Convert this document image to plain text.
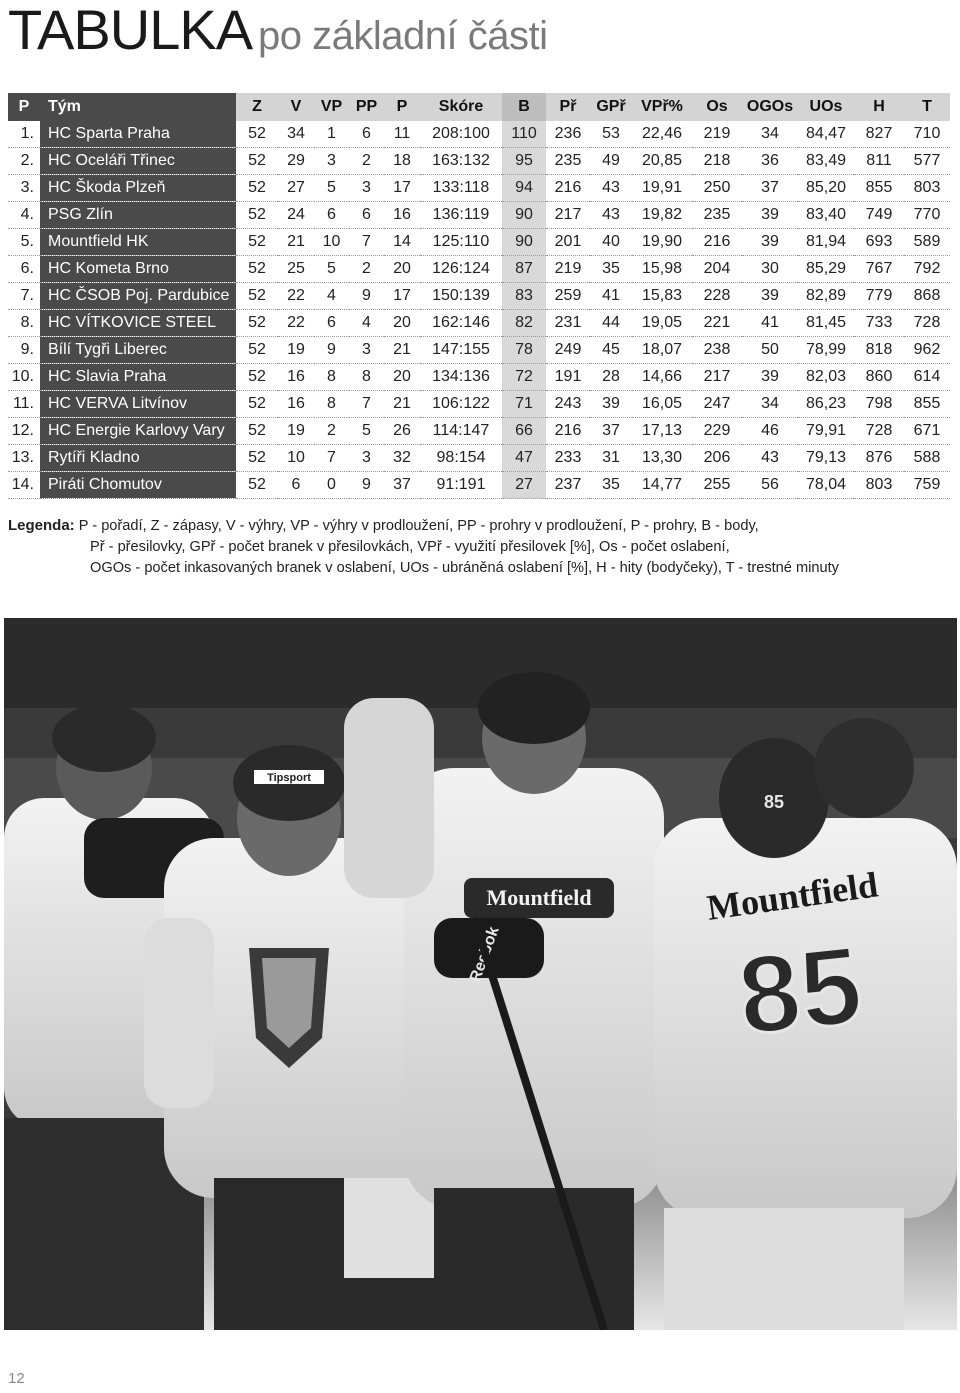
TABULKA po základní části
P	Tým	Z	V	VP	PP	P	Skóre	B	Př	GPř	VPř%	Os	OGOs	UOs	H	T
1.	HC Sparta Praha	52	34	1	6	11	208:100	110	236	53	22,46	219	34	84,47	827	710
2.	HC Oceláři Třinec	52	29	3	2	18	163:132	95	235	49	20,85	218	36	83,49	811	577
3.	HC Škoda Plzeň	52	27	5	3	17	133:118	94	216	43	19,91	250	37	85,20	855	803
4.	PSG Zlín	52	24	6	6	16	136:119	90	217	43	19,82	235	39	83,40	749	770
5.	Mountfield HK	52	21	10	7	14	125:110	90	201	40	19,90	216	39	81,94	693	589
6.	HC Kometa Brno	52	25	5	2	20	126:124	87	219	35	15,98	204	30	85,29	767	792
7.	HC ČSOB Poj. Pardubice	52	22	4	9	17	150:139	83	259	41	15,83	228	39	82,89	779	868
8.	HC VÍTKOVICE STEEL	52	22	6	4	20	162:146	82	231	44	19,05	221	41	81,45	733	728
9.	Bílí Tygři Liberec	52	19	9	3	21	147:155	78	249	45	18,07	238	50	78,99	818	962
10.	HC Slavia Praha	52	16	8	8	20	134:136	72	191	28	14,66	217	39	82,03	860	614
11.	HC VERVA Litvínov	52	16	8	7	21	106:122	71	243	39	16,05	247	34	86,23	798	855
12.	HC Energie Karlovy Vary	52	19	2	5	26	114:147	66	216	37	17,13	229	46	79,91	728	671
13.	Rytíři Kladno	52	10	7	3	32	98:154	47	233	31	13,30	206	43	79,13	876	588
14.	Piráti Chomutov	52	6	0	9	37	91:191	27	237	35	14,77	255	56	78,04	803	759
Legenda: P - pořadí, Z - zápasy, V - výhry, VP - výhry v prodloužení, PP - prohry v prodloužení, P - prohry, B - body,
Př - přesilovky, GPř - počet branek v přesilovkách, VPř - využití přesilovek [%], Os - počet oslabení,
OGOs - počet inkasovaných branek v oslabení, UOs - ubráněná oslabení [%], H - hity (bodyčeky), T - trestné minuty
Tipsport
Mountfield	Mountfield
85
85
12
